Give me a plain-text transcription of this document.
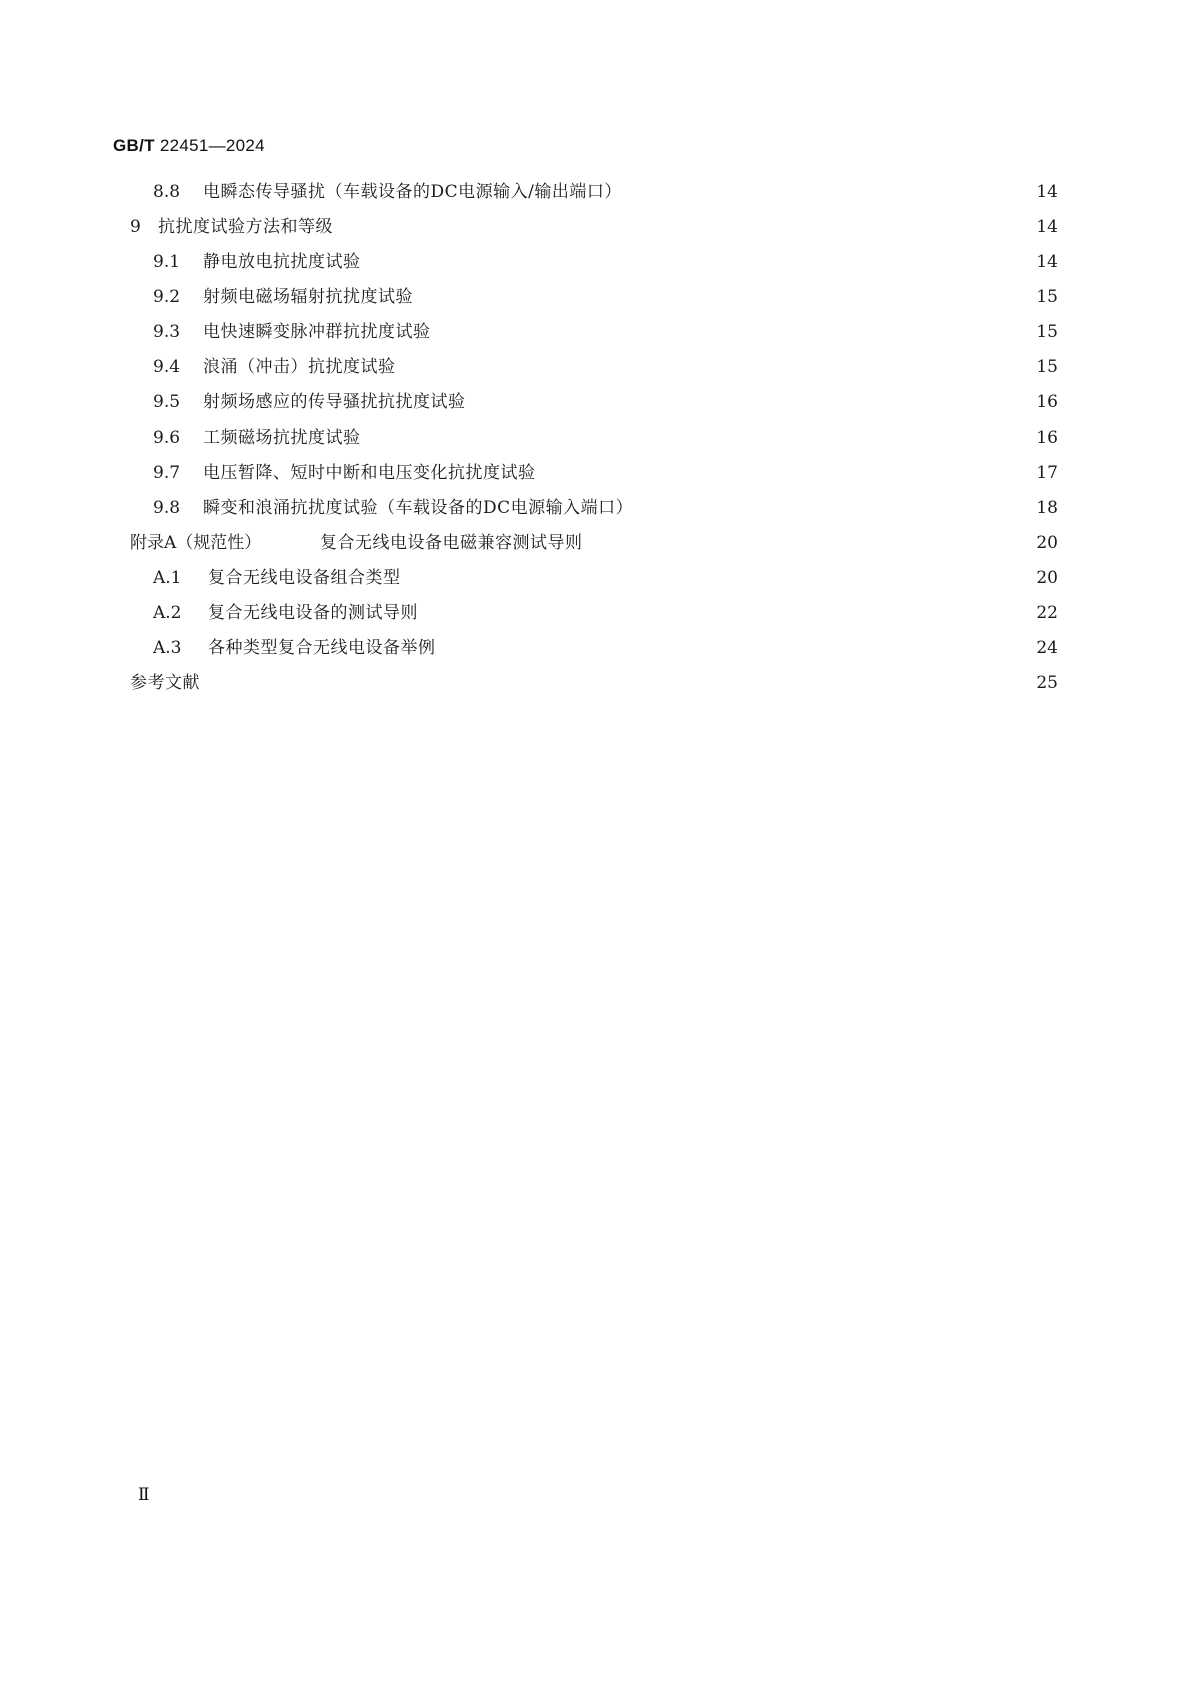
GB/T 22451—2024
8.8	电瞬态传导骚扰（车载设备的DC电源输入/输出端口）	14
9	抗扰度试验方法和等级	14
9.1	静电放电抗扰度试验	14
9.2	射频电磁场辐射抗扰度试验	15
9.3	电快速瞬变脉冲群抗扰度试验	15
9.4	浪涌（冲击）抗扰度试验	15
9.5	射频场感应的传导骚扰抗扰度试验	16
9.6	工频磁场抗扰度试验	16
9.7	电压暂降、短时中断和电压变化抗扰度试验	17
9.8	瞬变和浪涌抗扰度试验（车载设备的DC电源输入端口）	18
附录A（规范性）	复合无线电设备电磁兼容测试导则	20
A.1	复合无线电设备组合类型	20
A.2	复合无线电设备的测试导则	22
A.3	各种类型复合无线电设备举例	24
参考文献	25
Ⅱ
